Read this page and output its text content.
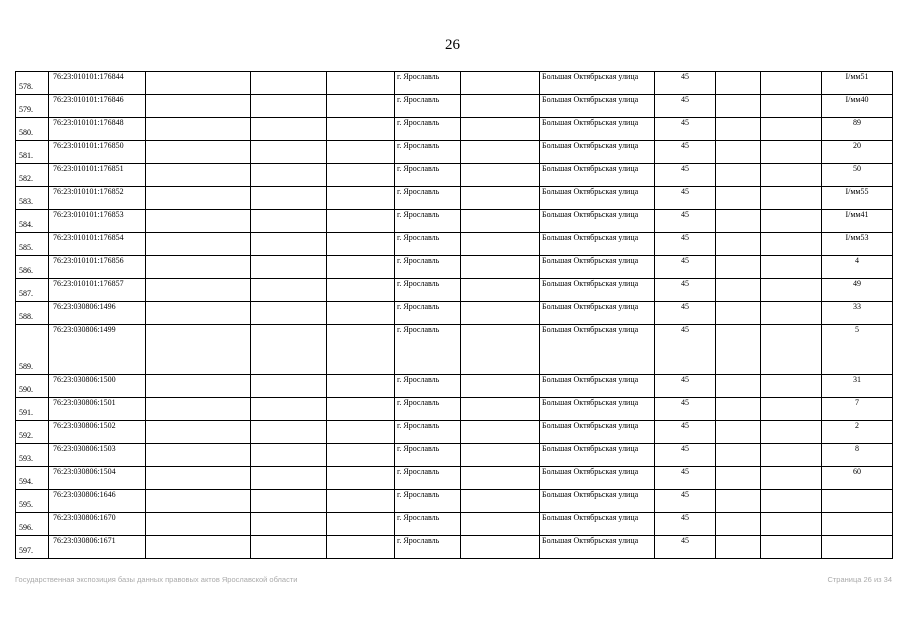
26
578.	76:23:010101:176844				г. Ярославль		Большая Октябрьская улица	45			I/мм51
579.	76:23:010101:176846				г. Ярославль		Большая Октябрьская улица	45			I/мм40
580.	76:23:010101:176848				г. Ярославль		Большая Октябрьская улица	45			89
581.	76:23:010101:176850				г. Ярославль		Большая Октябрьская улица	45			20
582.	76:23:010101:176851				г. Ярославль		Большая Октябрьская улица	45			50
583.	76:23:010101:176852				г. Ярославль		Большая Октябрьская улица	45			I/мм55
584.	76:23:010101:176853				г. Ярославль		Большая Октябрьская улица	45			I/мм41
585.	76:23:010101:176854				г. Ярославль		Большая Октябрьская улица	45			I/мм53
586.	76:23:010101:176856				г. Ярославль		Большая Октябрьская улица	45			4
587.	76:23:010101:176857				г. Ярославль		Большая Октябрьская улица	45			49
588.	76:23:030806:1496				г. Ярославль		Большая Октябрьская улица	45			33
589.	76:23:030806:1499				г. Ярославль		Большая Октябрьская улица	45			5
590.	76:23:030806:1500				г. Ярославль		Большая Октябрьская улица	45			31
591.	76:23:030806:1501				г. Ярославль		Большая Октябрьская улица	45			7
592.	76:23:030806:1502				г. Ярославль		Большая Октябрьская улица	45			2
593.	76:23:030806:1503				г. Ярославль		Большая Октябрьская улица	45			8
594.	76:23:030806:1504				г. Ярославль		Большая Октябрьская улица	45			60
595.	76:23:030806:1646				г. Ярославль		Большая Октябрьская улица	45			
596.	76:23:030806:1670				г. Ярославль		Большая Октябрьская улица	45			
597.	76:23:030806:1671				г. Ярославль		Большая Октябрьская улица	45			
Государственная экспозиция базы данных правовых актов Ярославской области	Страница 26 из 34
